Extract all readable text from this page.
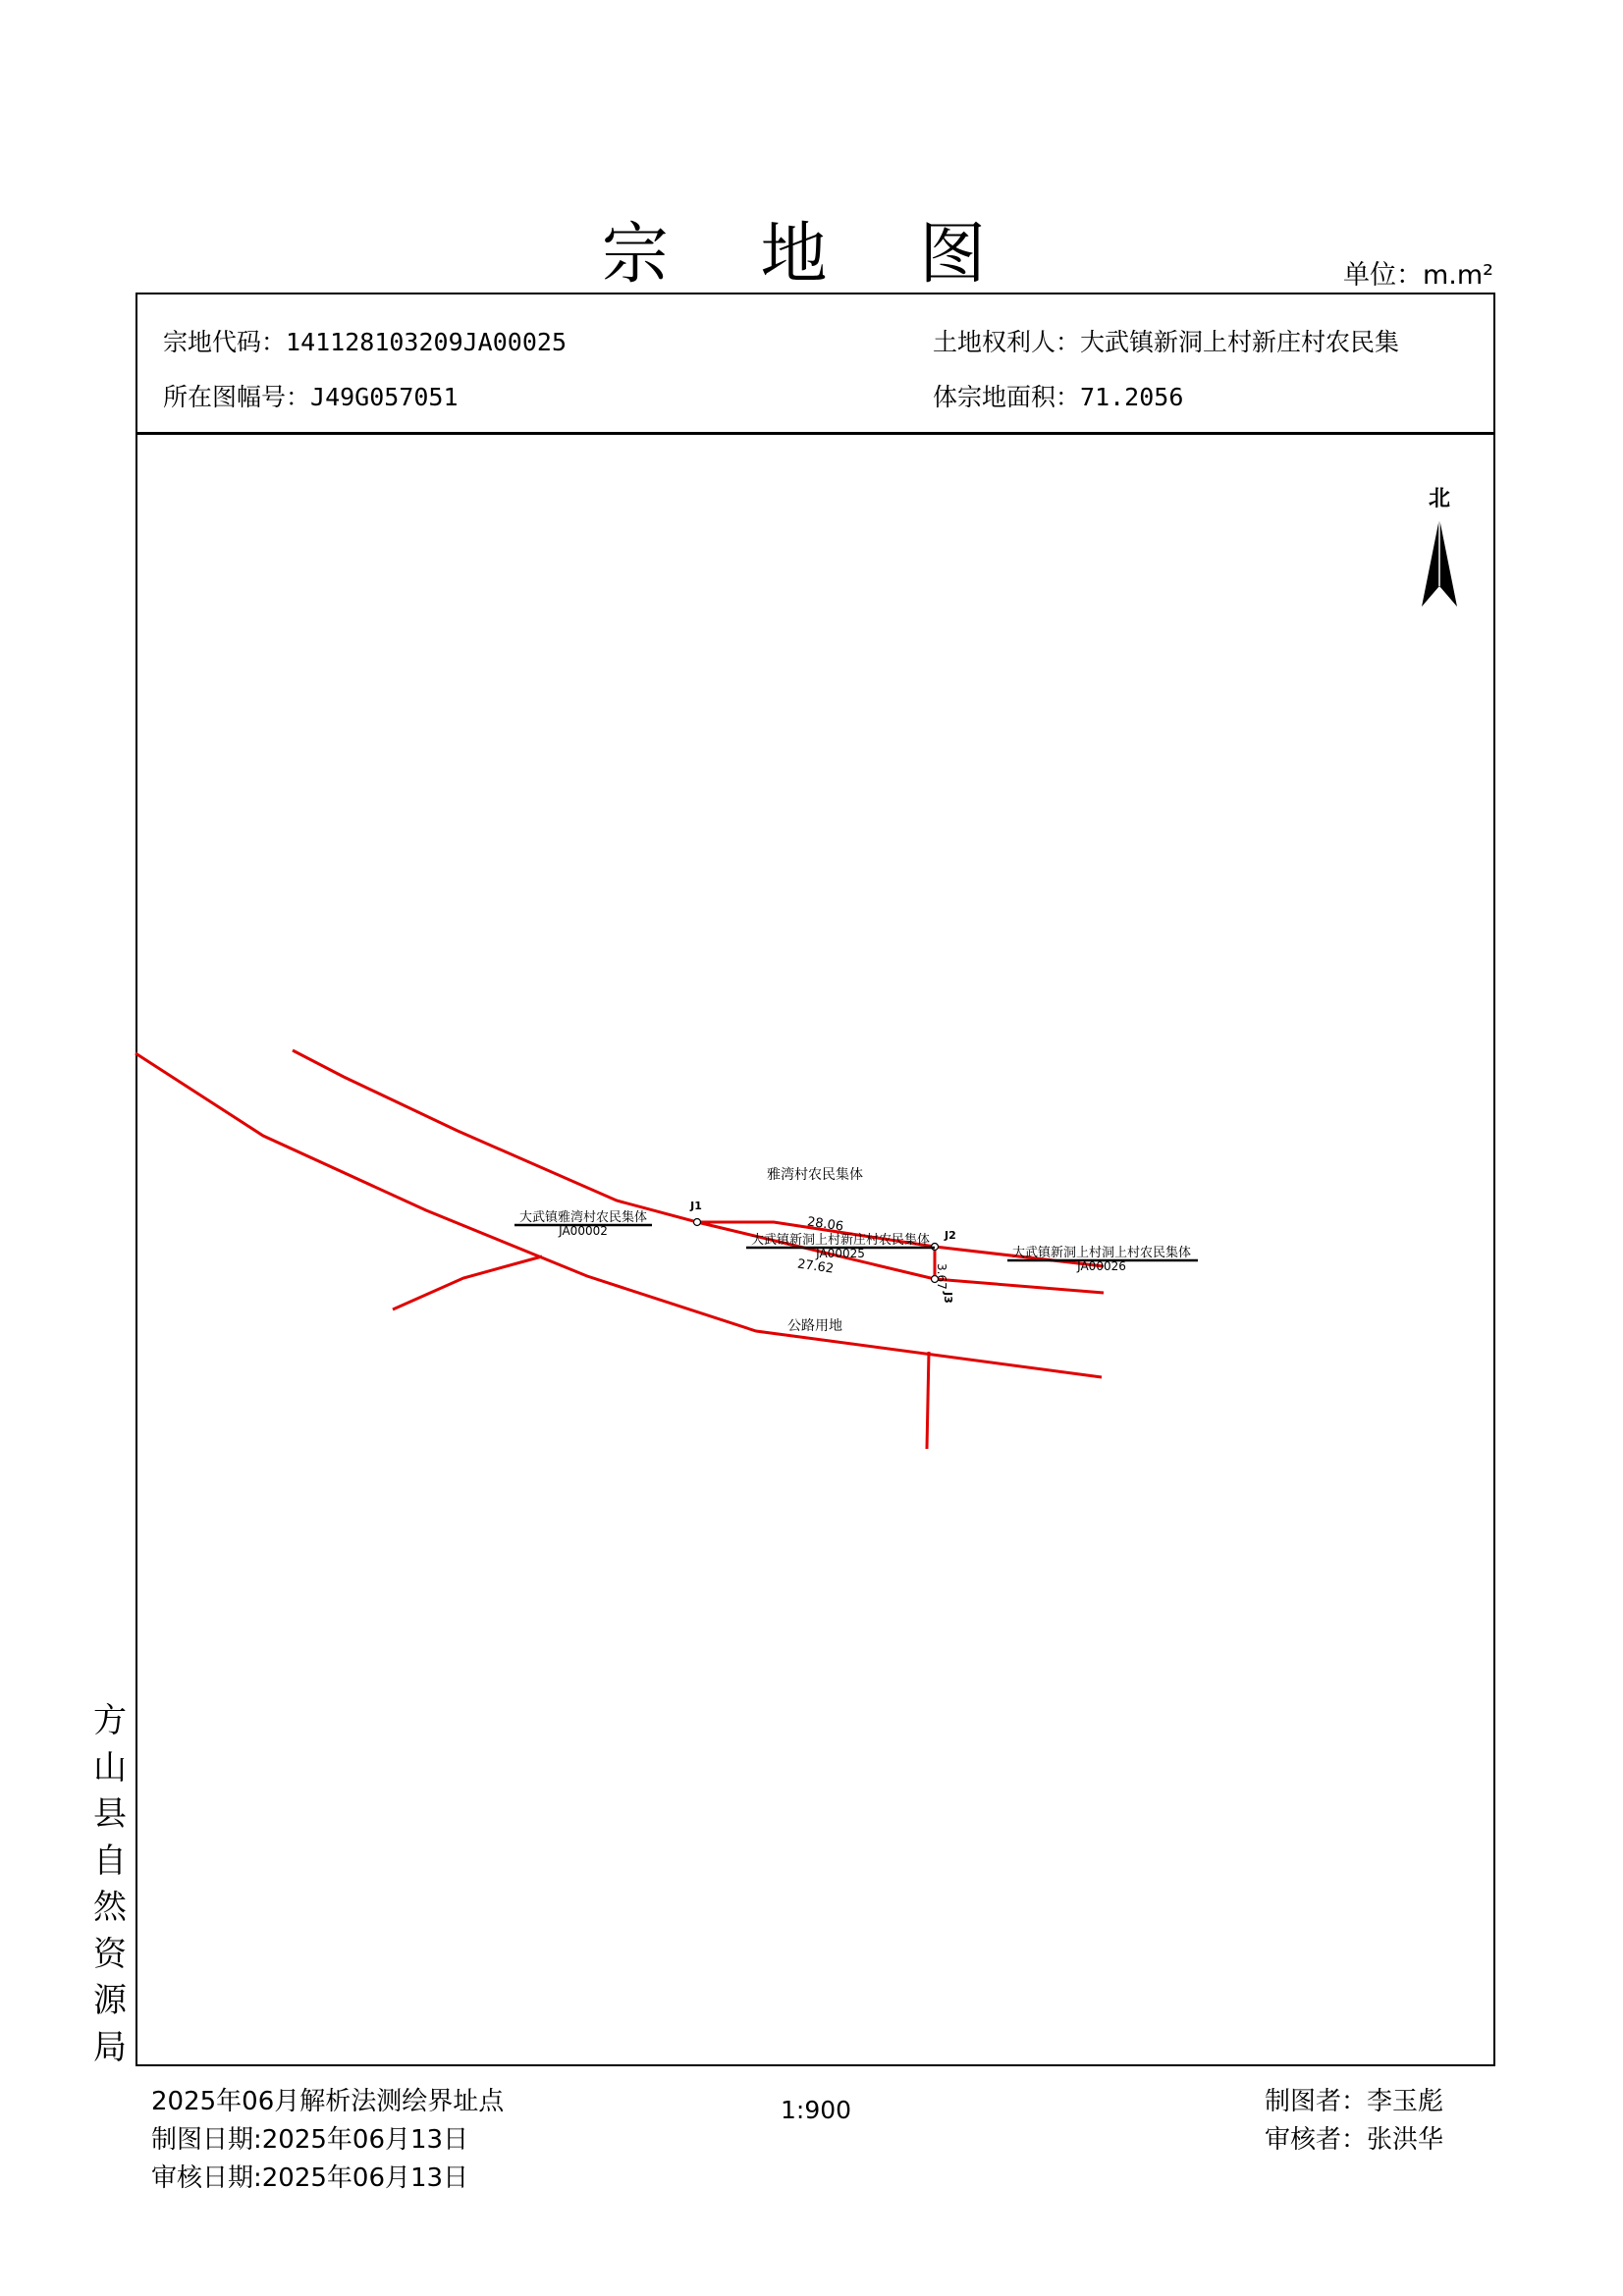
宗 地 图	单位：m.m²
宗地代码：141128103209JA00025	土地权利人：大武镇新洞上村新庄村农民集
所在图幅号：J49G057051	体宗地面积：71.2056
北
J1
J2
J3
雅湾村农民集体
大武镇雅湾村农民集体
JA00002
大武镇新洞上村新庄村农民集体
JA00025	大武镇新洞上村洞上村农民集体
JA00026
公路用地
28.06
27.62	3.67
方
山
县
自
然
资
源
局
2025年06月解析法测绘界址点
制图日期:2025年06月13日
审核日期:2025年06月13日
1:900	制图者：李玉彪
审核者：张洪华
